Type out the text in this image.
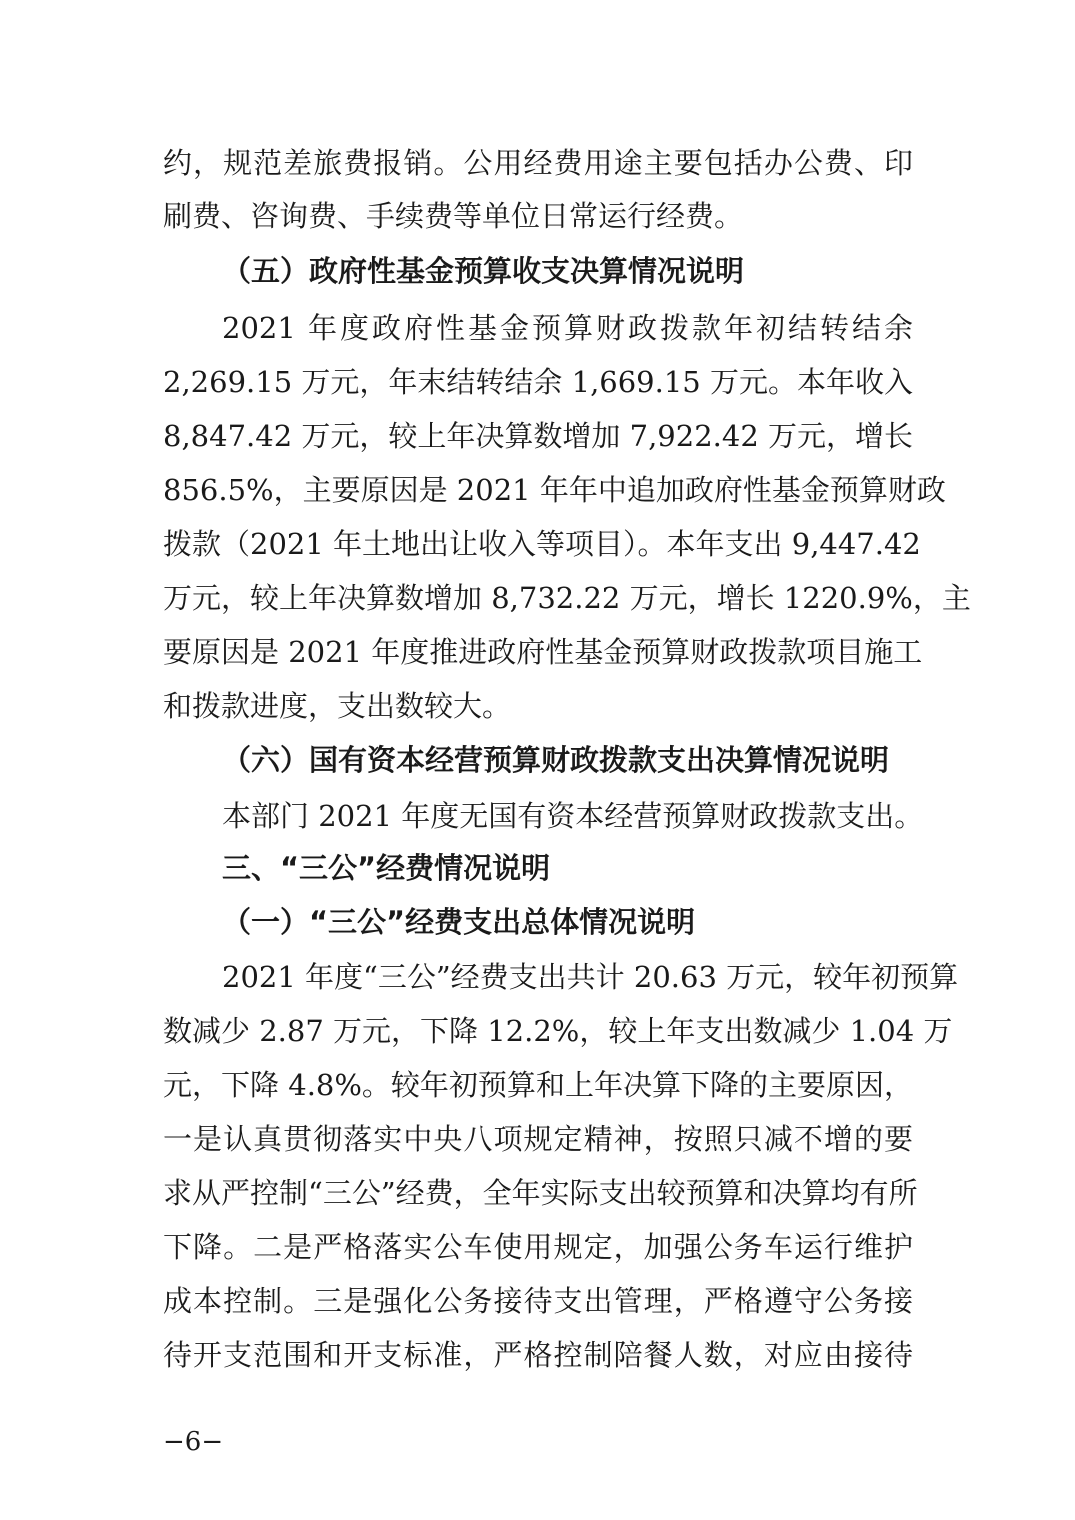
约，规范差旅费报销。公用经费用途主要包括办公费、印
刷费、咨询费、手续费等单位日常运行经费。
（五）政府性基金预算收支决算情况说明
2021 年度政府性基金预算财政拨款年初结转结余
2,269.15 万元，年末结转结余 1,669.15 万元。本年收入
8,847.42 万元，较上年决算数增加 7,922.42 万元，增长
856.5%，主要原因是 2021 年年中追加政府性基金预算财政
拨款（2021 年土地出让收入等项目）。本年支出 9,447.42
万元，较上年决算数增加 8,732.22 万元，增长 1220.9%，主
要原因是 2021 年度推进政府性基金预算财政拨款项目施工
和拨款进度，支出数较大。
（六）国有资本经营预算财政拨款支出决算情况说明
本部门 2021 年度无国有资本经营预算财政拨款支出。
三、“三公”经费情况说明
（一）“三公”经费支出总体情况说明
2021 年度“三公”经费支出共计 20.63 万元，较年初预算
数减少 2.87 万元，下降 12.2%，较上年支出数减少 1.04 万
元，下降 4.8%。较年初预算和上年决算下降的主要原因，
一是认真贯彻落实中央八项规定精神，按照只减不增的要
求从严控制“三公”经费，全年实际支出较预算和决算均有所
下降。二是严格落实公车使用规定，加强公务车运行维护
成本控制。三是强化公务接待支出管理，严格遵守公务接
待开支范围和开支标准，严格控制陪餐人数，对应由接待
−6−
